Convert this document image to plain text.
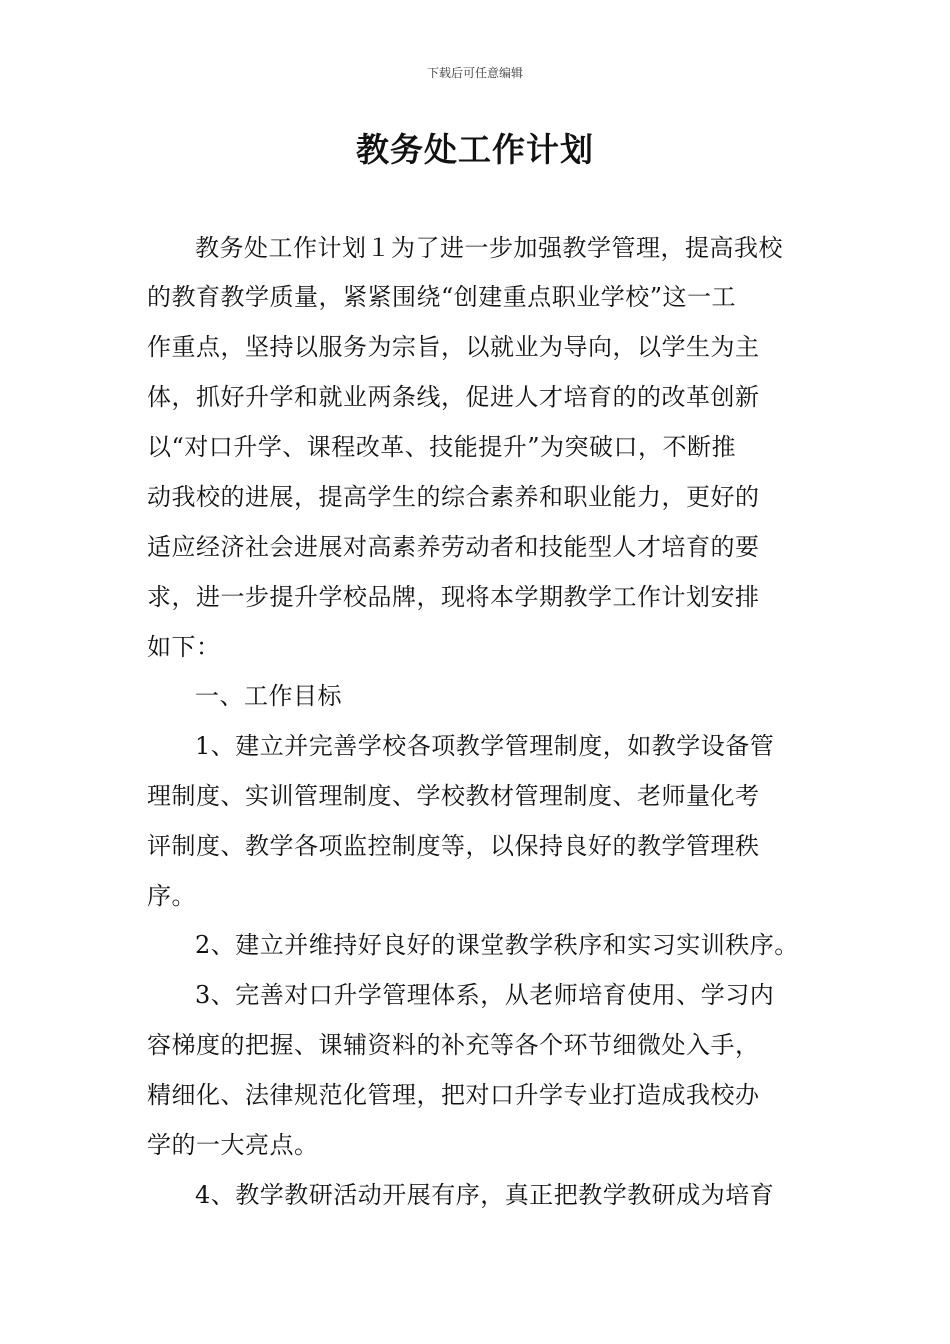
下载后可任意编辑
教务处工作计划
教务处工作计划１为了进一步加强教学管理，提高我校
的教育教学质量，紧紧围绕“创建重点职业学校”这一工
作重点，坚持以服务为宗旨，以就业为导向，以学生为主
体，抓好升学和就业两条线，促进人才培育的的改革创新
以“对口升学、课程改革、技能提升”为突破口，不断推
动我校的进展，提高学生的综合素养和职业能力，更好的
适应经济社会进展对高素养劳动者和技能型人才培育的要
求，进一步提升学校品牌，现将本学期教学工作计划安排
如下：
一、工作目标
1、建立并完善学校各项教学管理制度，如教学设备管
理制度、实训管理制度、学校教材管理制度、老师量化考
评制度、教学各项监控制度等，以保持良好的教学管理秩
序。
2、建立并维持好良好的课堂教学秩序和实习实训秩序。
3、完善对口升学管理体系，从老师培育使用、学习内
容梯度的把握、课辅资料的补充等各个环节细微处入手，
精细化、法律规范化管理，把对口升学专业打造成我校办
学的一大亮点。
4、教学教研活动开展有序，真正把教学教研成为培育
